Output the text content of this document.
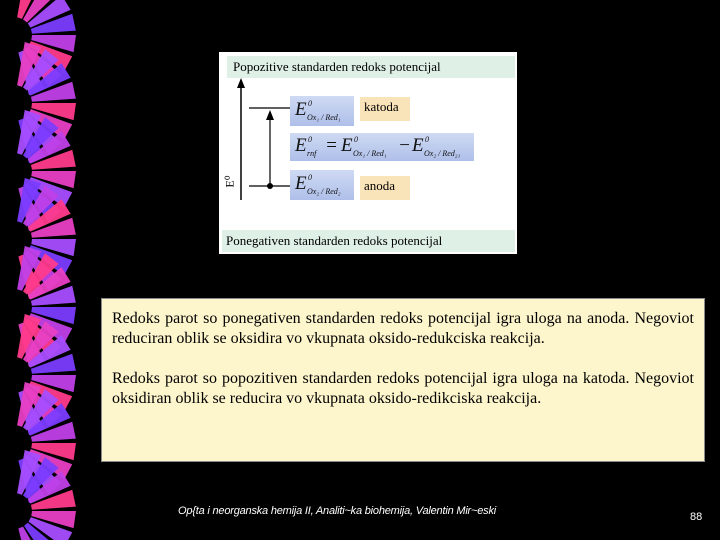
Popozitive standarden redoks potencijal
E⁰
E 0
Ox₁ / Red₁
katoda
E 0
rnf = E 0
Ox₁ / Red₁ − E 0
Ox₂ / Red₂₁
E 0
Ox₂ / Red₂	anoda
Ponegativen standarden redoks potencijal

Redoks parot so ponegativen standarden redoks potencijal igra uloga na anoda. Negoviot reduciran oblik se oksidira vo vkupnata oksido-redukciska reakcija.

Redoks parot so popozitiven standarden redoks potencijal igra uloga na katoda. Negoviot oksidiran oblik se reducira vo vkupnata oksido-redikciska reakcija.

Op{ta i neorganska hemija II, Analiti~ka biohemija, Valentin Mir~eski	88
